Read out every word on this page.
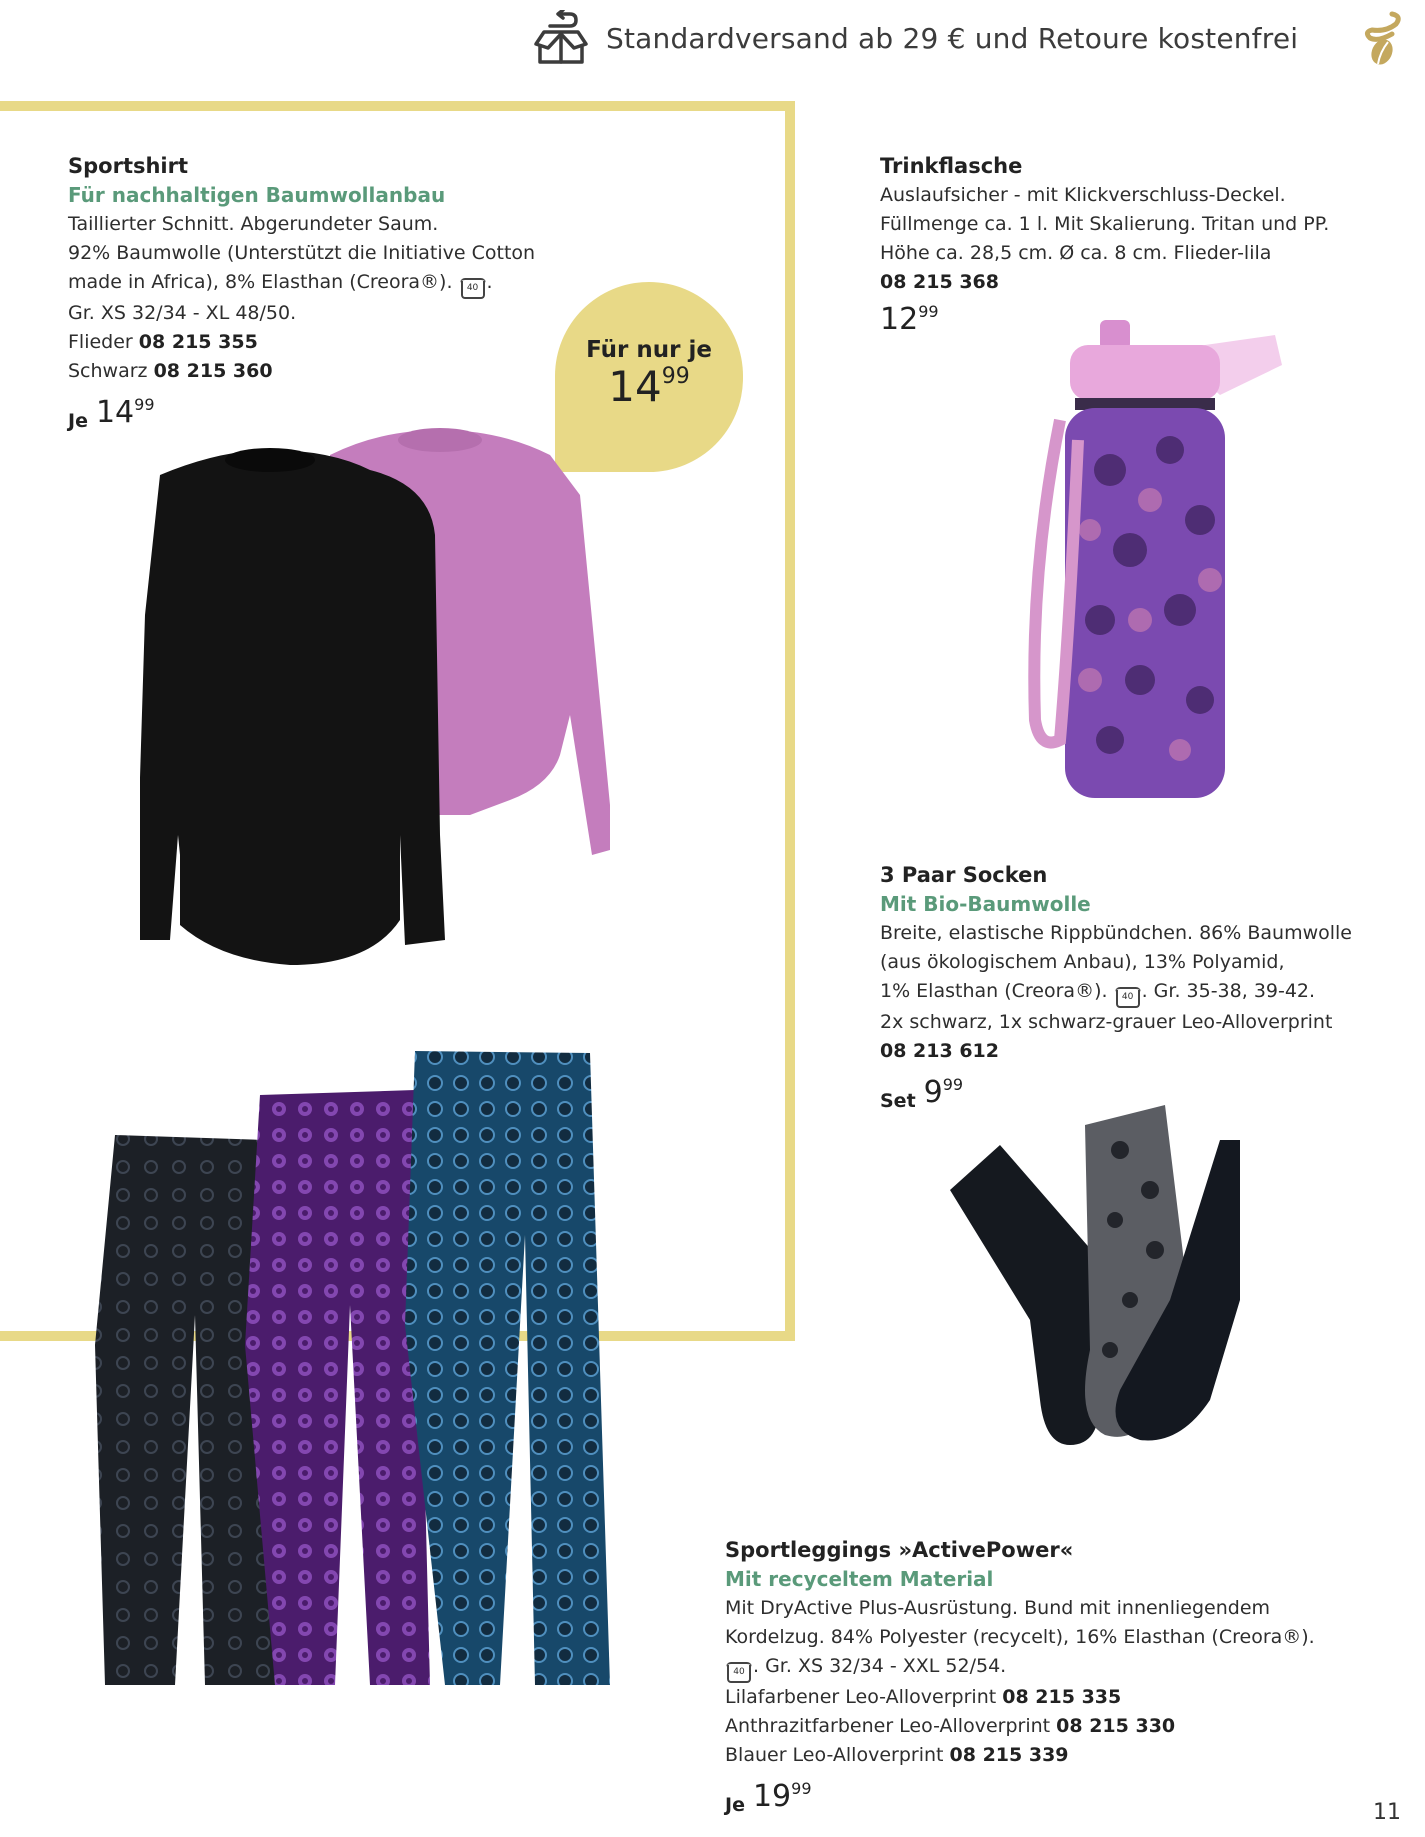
Standardversand ab 29 € und Retoure kostenfrei
Sportshirt
Für nachhaltigen Baumwollanbau
Taillierter Schnitt. Abgerundeter Saum.
92% Baumwolle (Unterstützt die Initiative Cotton
made in Africa), 8% Elasthan (Creora®). 40 .
Gr. XS 32/34 - XL 48/50.
Flieder 08 215 355
Schwarz 08 215 360
Je 14 99
Für nur je
14 99
Trinkflasche
Auslaufsicher - mit Klickverschluss-Deckel.
Füllmenge ca. 1 l. Mit Skalierung. Tritan und PP.
Höhe ca. 28,5 cm. Ø ca. 8 cm. Flieder-lila
08 215 368
12 99
3 Paar Socken
Mit Bio-Baumwolle
Breite, elastische Rippbündchen. 86% Baumwolle
(aus ökologischem Anbau), 13% Polyamid,
1% Elasthan (Creora®). 40 . Gr. 35-38, 39-42.
2x schwarz, 1x schwarz-grauer Leo-Alloverprint
08 213 612
Set 9 99
Sportleggings »ActivePower«
Mit recyceltem Material
Mit DryActive Plus-Ausrüstung. Bund mit innenliegendem
Kordelzug. 84% Polyester (recycelt), 16% Elasthan (Creora®).
40 . Gr. XS 32/34 - XXL 52/54.
Lilafarbener Leo-Alloverprint 08 215 335
Anthrazitfarbener Leo-Alloverprint 08 215 330
Blauer Leo-Alloverprint 08 215 339
Je 19 99
11
